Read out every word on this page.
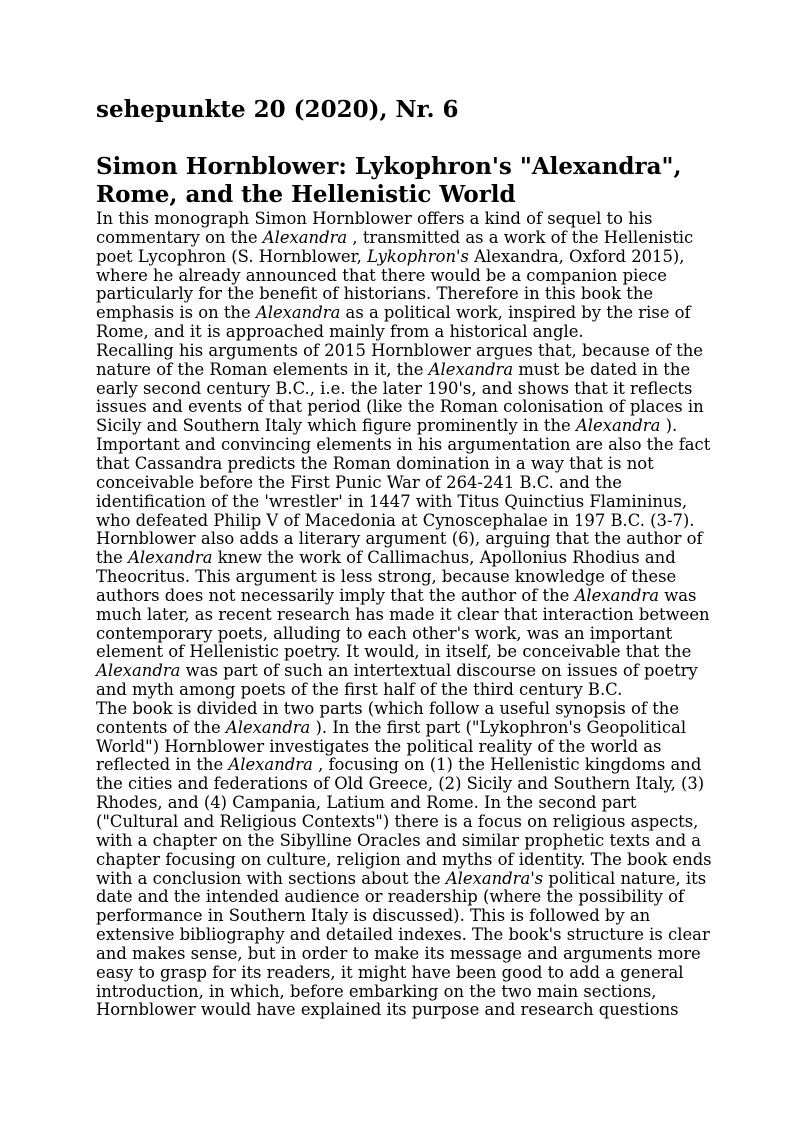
sehepunkte 20 (2020), Nr. 6
Simon Hornblower: Lykophron's "Alexandra", Rome, and the Hellenistic World

In this monograph Simon Hornblower offers a kind of sequel to his commentary on the Alexandra , transmitted as a work of the Hellenistic poet Lycophron (S. Hornblower, Lykophron's Alexandra, Oxford 2015), where he already announced that there would be a companion piece particularly for the benefit of historians. Therefore in this book the emphasis is on the Alexandra as a political work, inspired by the rise of Rome, and it is approached mainly from a historical angle.

Recalling his arguments of 2015 Hornblower argues that, because of the nature of the Roman elements in it, the Alexandra must be dated in the early second century B.C., i.e. the later 190's, and shows that it reflects issues and events of that period (like the Roman colonisation of places in Sicily and Southern Italy which figure prominently in the Alexandra ). Important and convincing elements in his argumentation are also the fact that Cassandra predicts the Roman domination in a way that is not conceivable before the First Punic War of 264-241 B.C. and the identification of the 'wrestler' in 1447 with Titus Quinctius Flamininus, who defeated Philip V of Macedonia at Cynoscephalae in 197 B.C. (3-7). Hornblower also adds a literary argument (6), arguing that the author of the Alexandra knew the work of Callimachus, Apollonius Rhodius and Theocritus. This argument is less strong, because knowledge of these authors does not necessarily imply that the author of the Alexandra was much later, as recent research has made it clear that interaction between contemporary poets, alluding to each other's work, was an important element of Hellenistic poetry. It would, in itself, be conceivable that the Alexandra was part of such an intertextual discourse on issues of poetry and myth among poets of the first half of the third century B.C.

The book is divided in two parts (which follow a useful synopsis of the contents of the Alexandra ). In the first part ("Lykophron's Geopolitical World") Hornblower investigates the political reality of the world as reflected in the Alexandra , focusing on (1) the Hellenistic kingdoms and the cities and federations of Old Greece, (2) Sicily and Southern Italy, (3) Rhodes, and (4) Campania, Latium and Rome. In the second part ("Cultural and Religious Contexts") there is a focus on religious aspects, with a chapter on the Sibylline Oracles and similar prophetic texts and a chapter focusing on culture, religion and myths of identity. The book ends with a conclusion with sections about the Alexandra's political nature, its date and the intended audience or readership (where the possibility of performance in Southern Italy is discussed). This is followed by an extensive bibliography and detailed indexes. The book's structure is clear and makes sense, but in order to make its message and arguments more easy to grasp for its readers, it might have been good to add a general introduction, in which, before embarking on the two main sections, Hornblower would have explained its purpose and research questions
